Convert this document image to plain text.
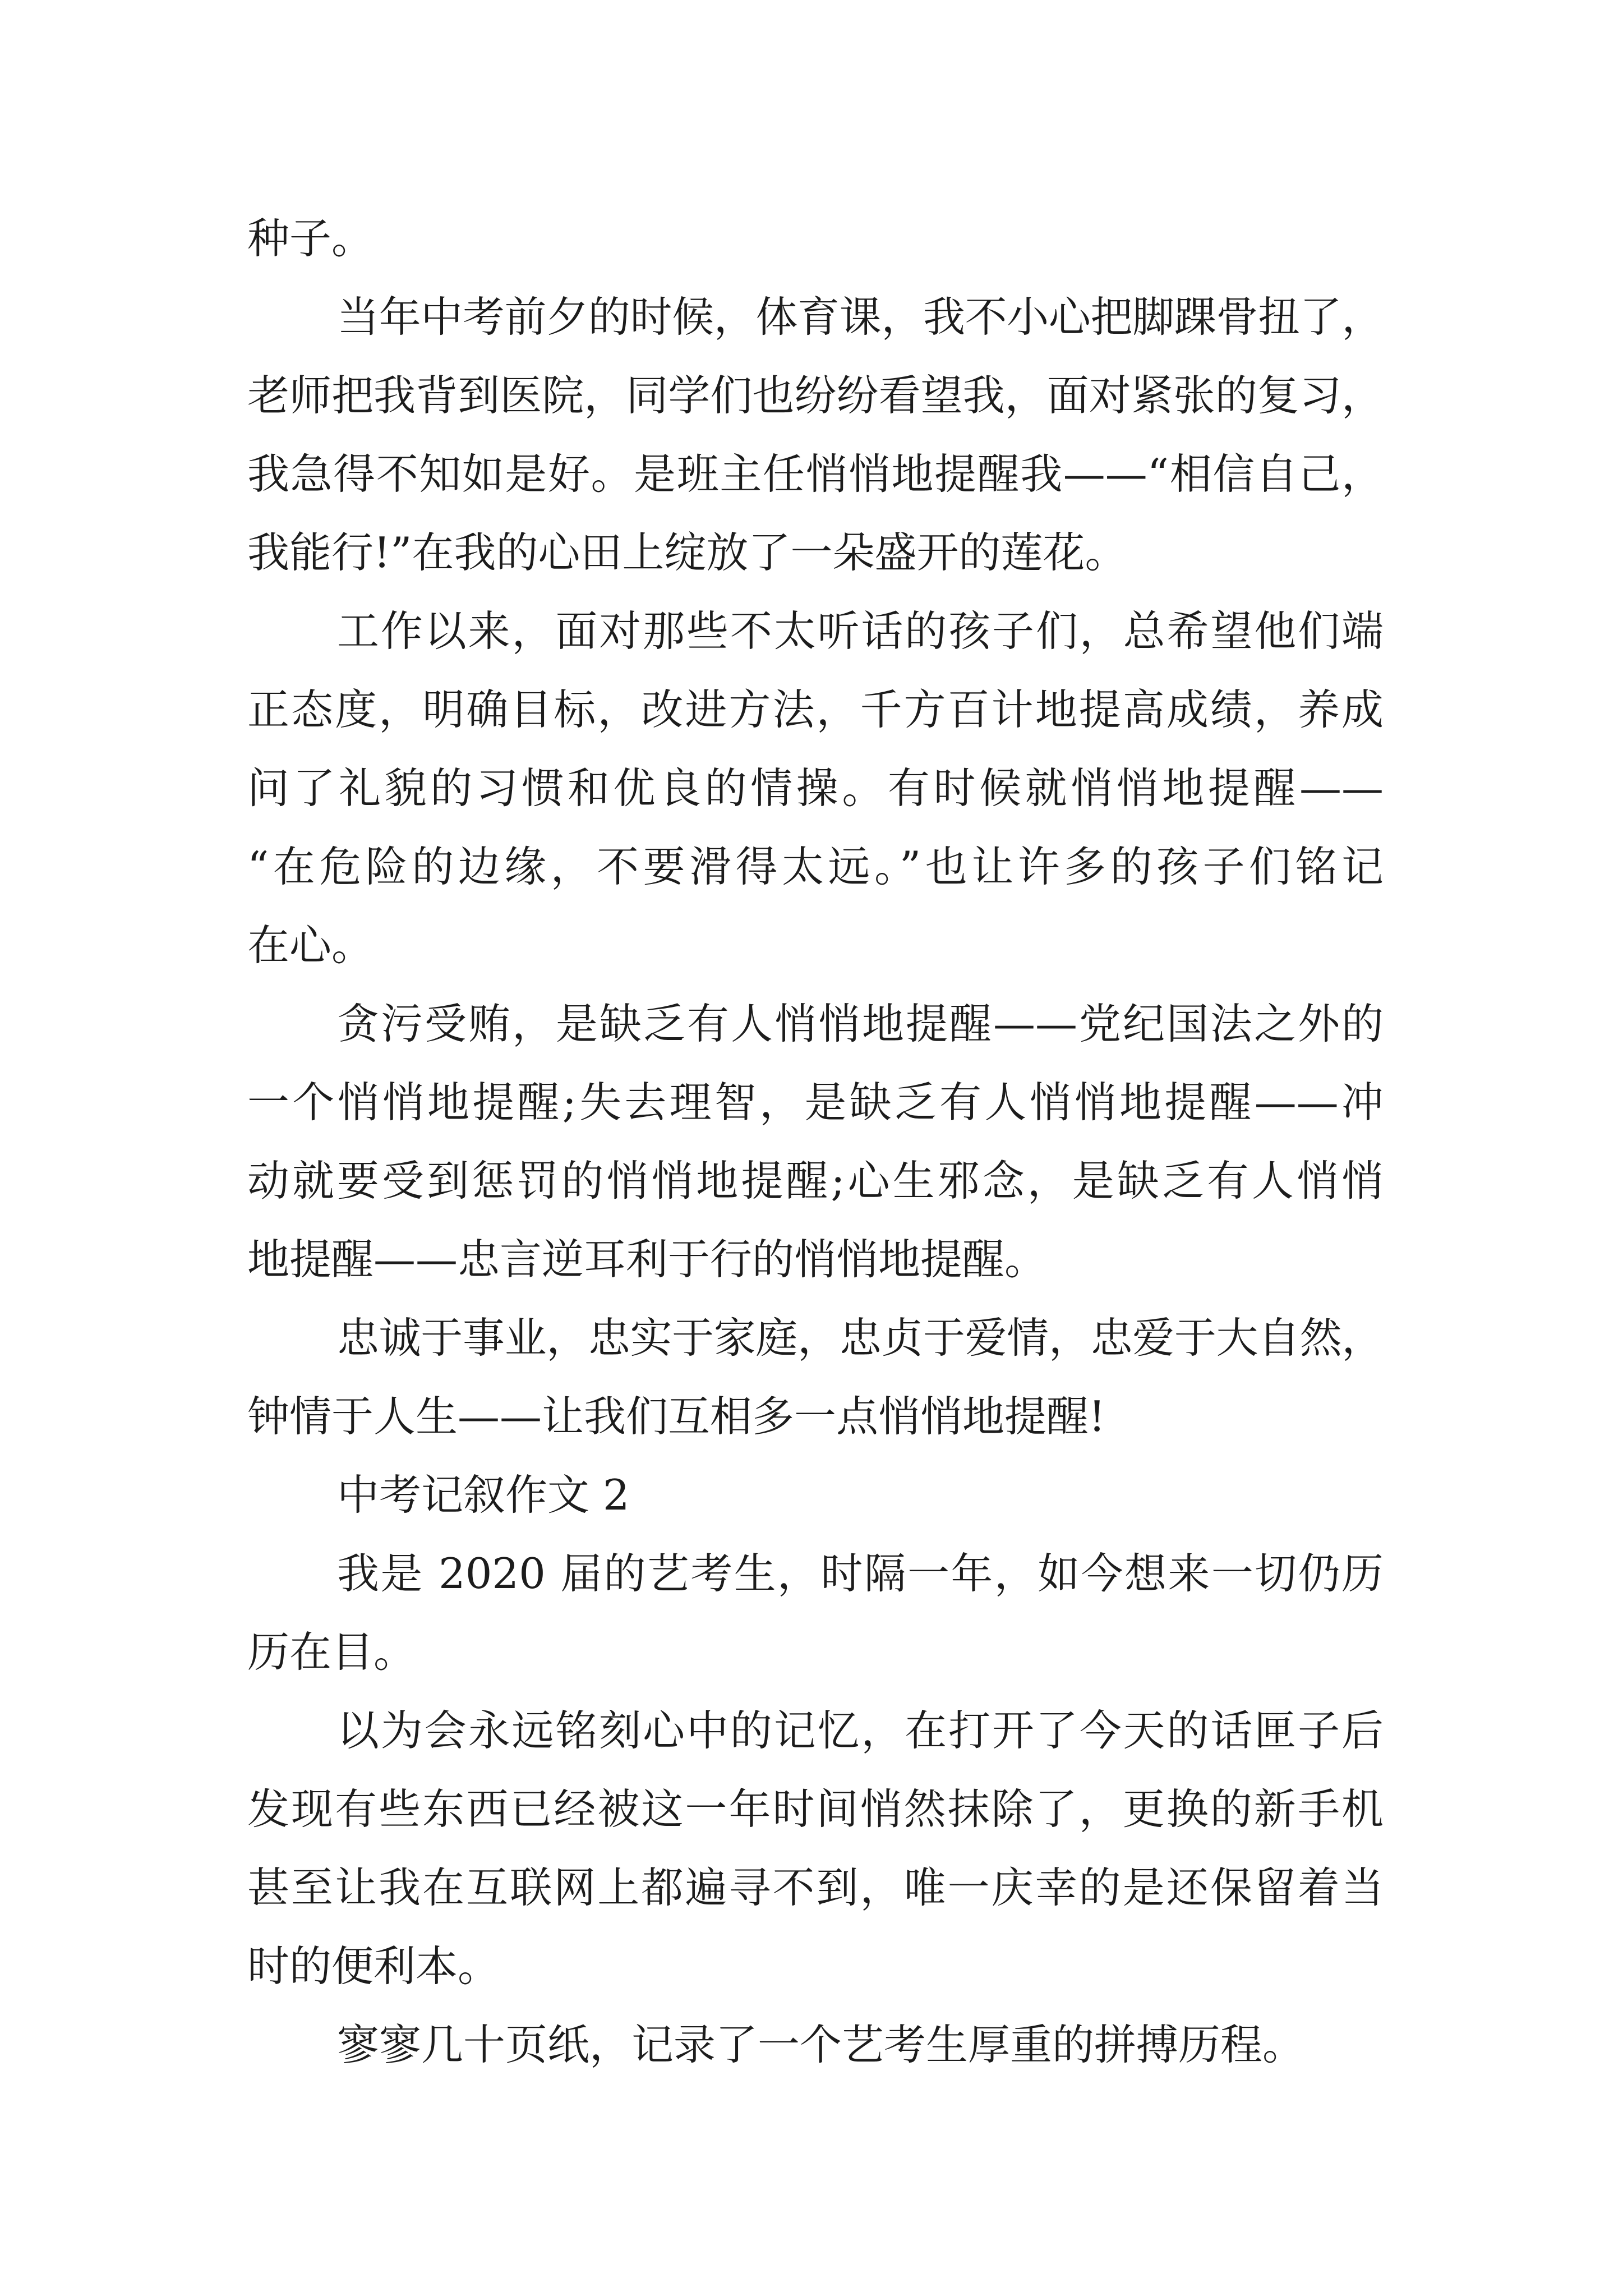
种子。
当年中考前夕的时候，体育课，我不小心把脚踝骨扭了，
老师把我背到医院，同学们也纷纷看望我，面对紧张的复习，
我急得不知如是好。是班主任悄悄地提醒我——“相信自己，
我能行!”在我的心田上绽放了一朵盛开的莲花。
工作以来，面对那些不太听话的孩子们，总希望他们端
正态度，明确目标，改进方法，千方百计地提高成绩，养成
问了礼貌的习惯和优良的情操。有时候就悄悄地提醒——
“在危险的边缘，不要滑得太远。”也让许多的孩子们铭记
在心。
贪污受贿，是缺乏有人悄悄地提醒——党纪国法之外的
一个悄悄地提醒;失去理智，是缺乏有人悄悄地提醒——冲
动就要受到惩罚的悄悄地提醒;心生邪念，是缺乏有人悄悄
地提醒——忠言逆耳利于行的悄悄地提醒。
忠诚于事业，忠实于家庭，忠贞于爱情，忠爱于大自然，
钟情于人生——让我们互相多一点悄悄地提醒!
中考记叙作文 2
我是 2020 届的艺考生，时隔一年，如今想来一切仍历
历在目。
以为会永远铭刻心中的记忆，在打开了今天的话匣子后
发现有些东西已经被这一年时间悄然抹除了，更换的新手机
甚至让我在互联网上都遍寻不到，唯一庆幸的是还保留着当
时的便利本。
寥寥几十页纸，记录了一个艺考生厚重的拼搏历程。
